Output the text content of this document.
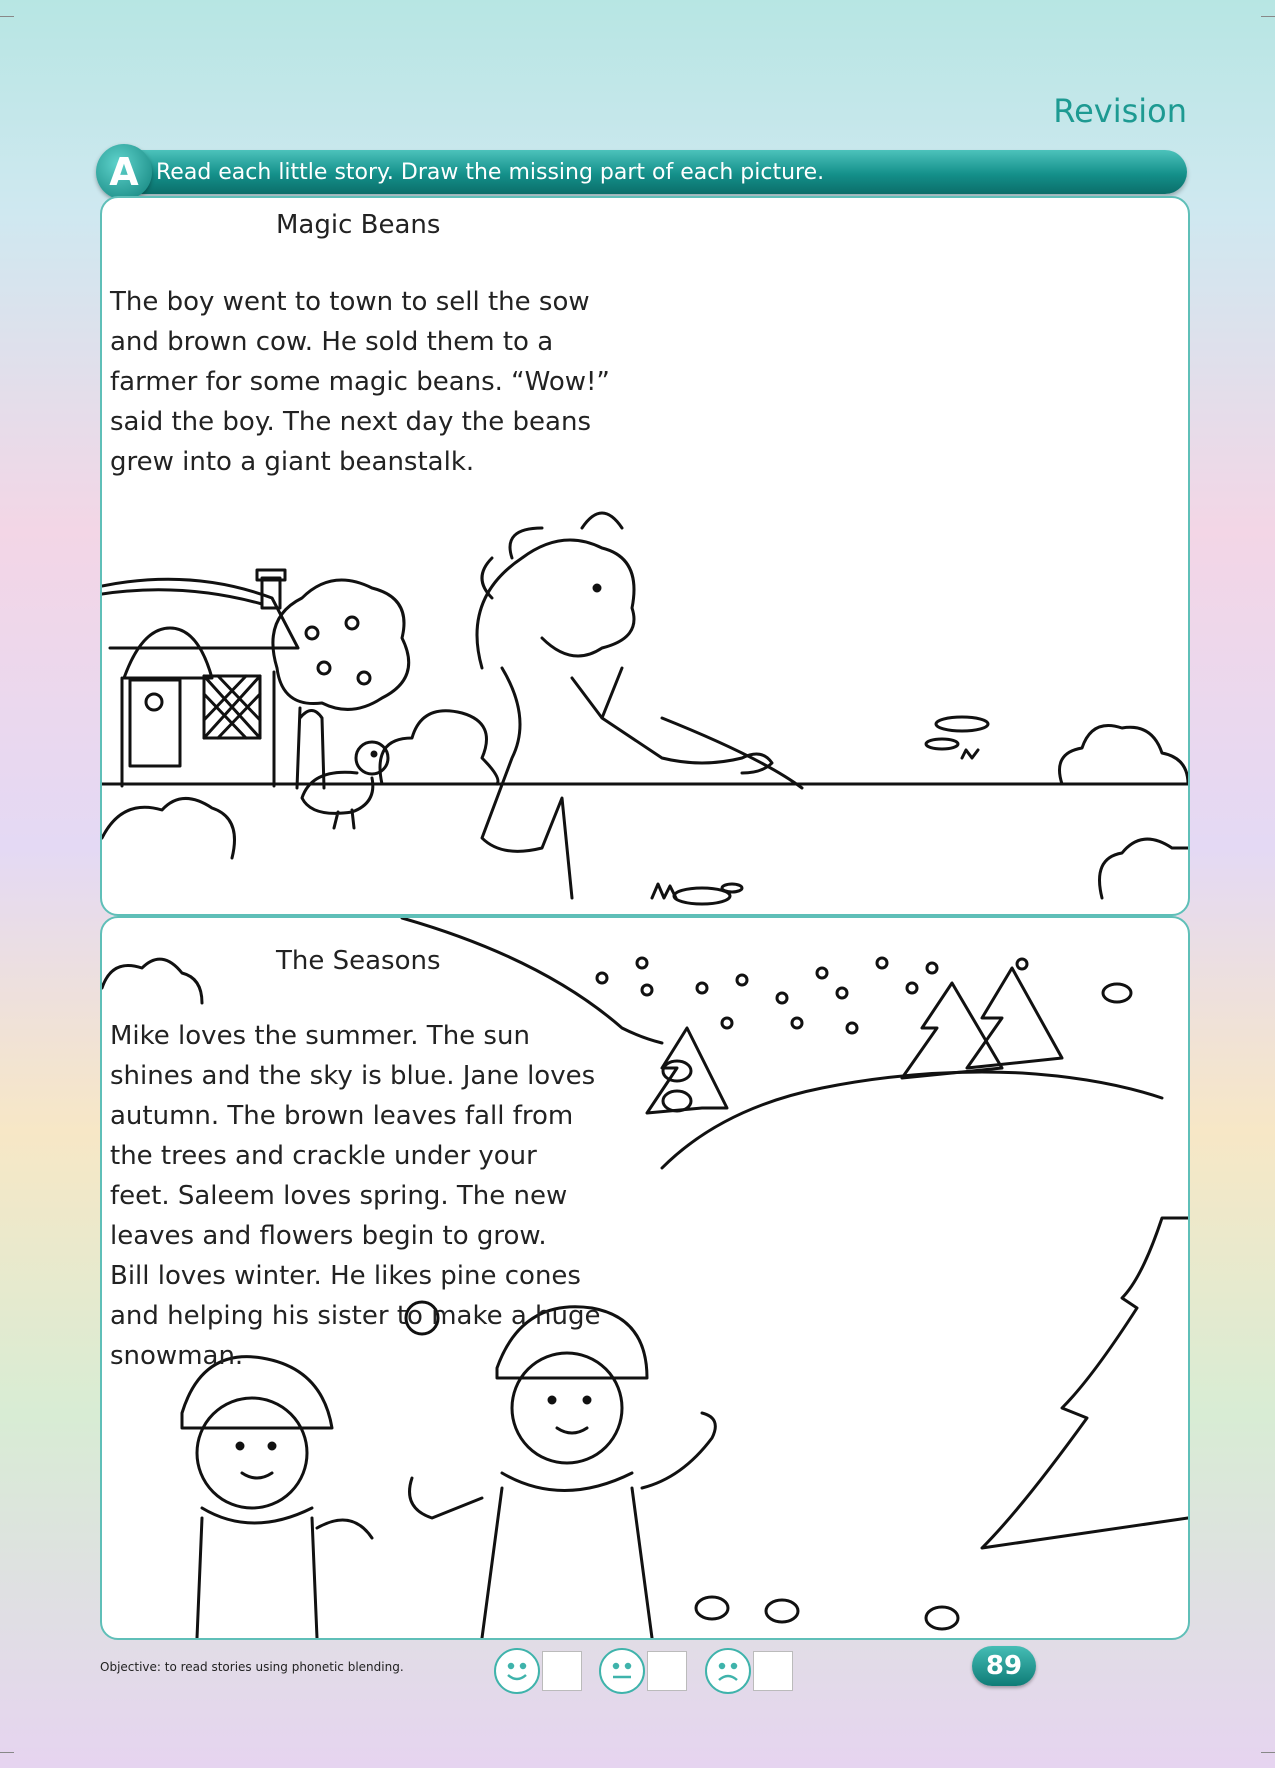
Revision
A Read each little story. Draw the missing part of each picture.
Magic Beans
The boy went to town to sell the sow
and brown cow. He sold them to a
farmer for some magic beans. “Wow!”
said the boy. The next day the beans
grew into a giant beanstalk.
The Seasons
Mike loves the summer. The sun
shines and the sky is blue. Jane loves
autumn. The brown leaves fall from
the trees and crackle under your
feet. Saleem loves spring. The new
leaves and flowers begin to grow.
Bill loves winter. He likes pine cones
and helping his sister to make a huge
snowman.
Objective: to read stories using phonetic blending.	89
